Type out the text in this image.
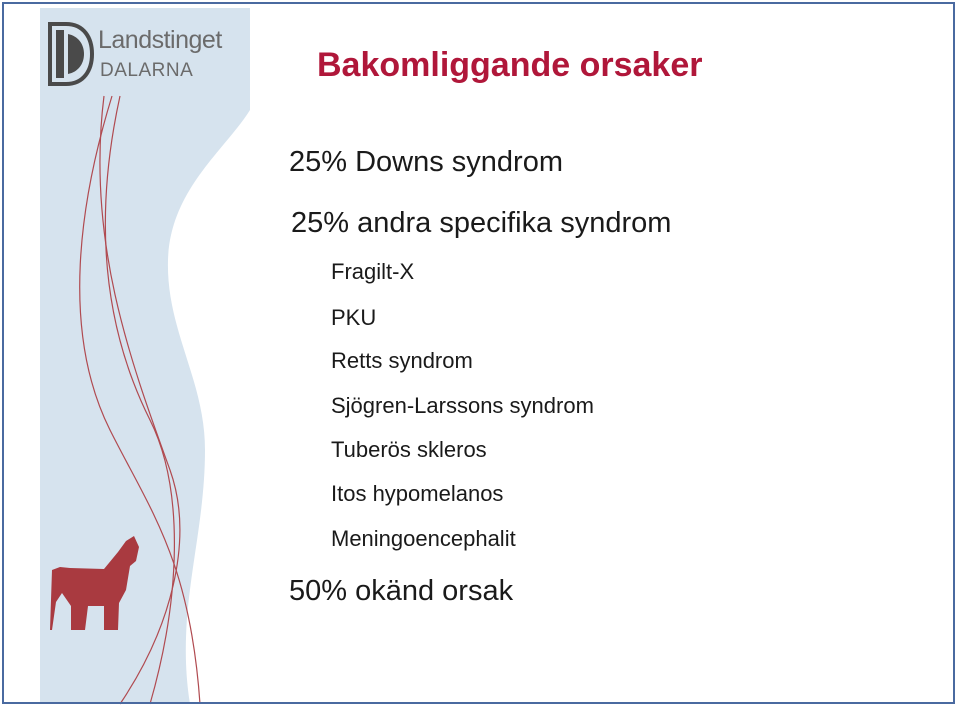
Landstinget
DALARNA	Bakomliggande orsaker
25% Downs syndrom
25% andra specifika syndrom
Fragilt-X
PKU
Retts syndrom
Sjögren-Larssons syndrom
Tuberös skleros
Itos hypomelanos
Meningoencephalit
50% okänd orsak
